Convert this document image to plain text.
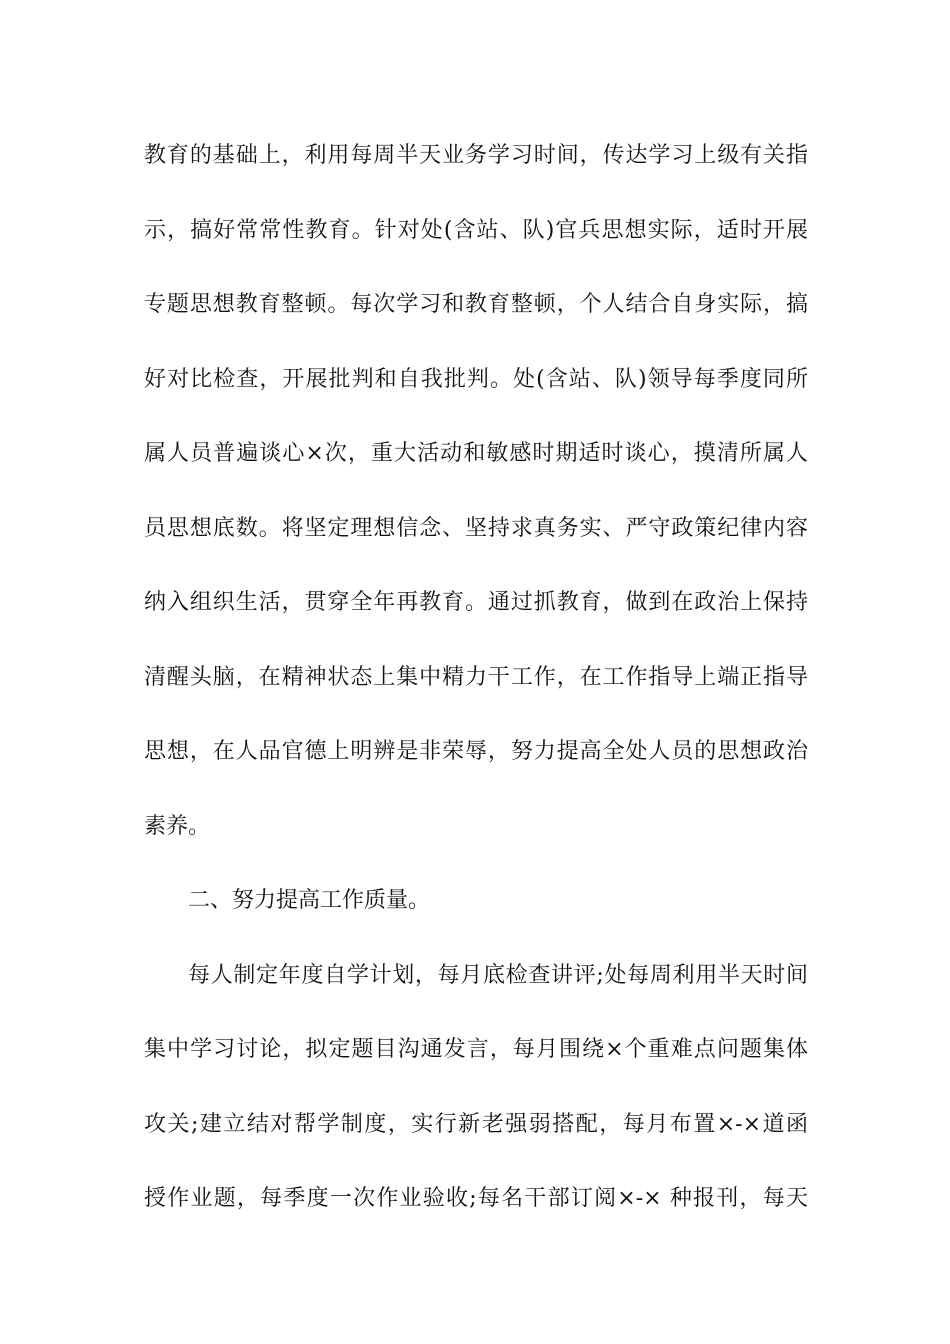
教育的基础上，利用每周半天业务学习时间，传达学习上级有关指
示，搞好常常性教育。针对处(含站、队)官兵思想实际，适时开展
专题思想教育整顿。每次学习和教育整顿，个人结合自身实际，搞
好对比检查，开展批判和自我批判。处(含站、队)领导每季度同所
属人员普遍谈心×次，重大活动和敏感时期适时谈心，摸清所属人
员思想底数。将坚定理想信念、坚持求真务实、严守政策纪律内容
纳入组织生活，贯穿全年再教育。通过抓教育，做到在政治上保持
清醒头脑，在精神状态上集中精力干工作，在工作指导上端正指导
思想，在人品官德上明辨是非荣辱，努力提高全处人员的思想政治
素养。
二、努力提高工作质量。
每人制定年度自学计划，每月底检查讲评;处每周利用半天时间
集中学习讨论，拟定题目沟通发言，每月围绕×个重难点问题集体
攻关;建立结对帮学制度，实行新老强弱搭配，每月布置×-×道函
授作业题，每季度一次作业验收;每名干部订阅×-× 种报刊，每天
